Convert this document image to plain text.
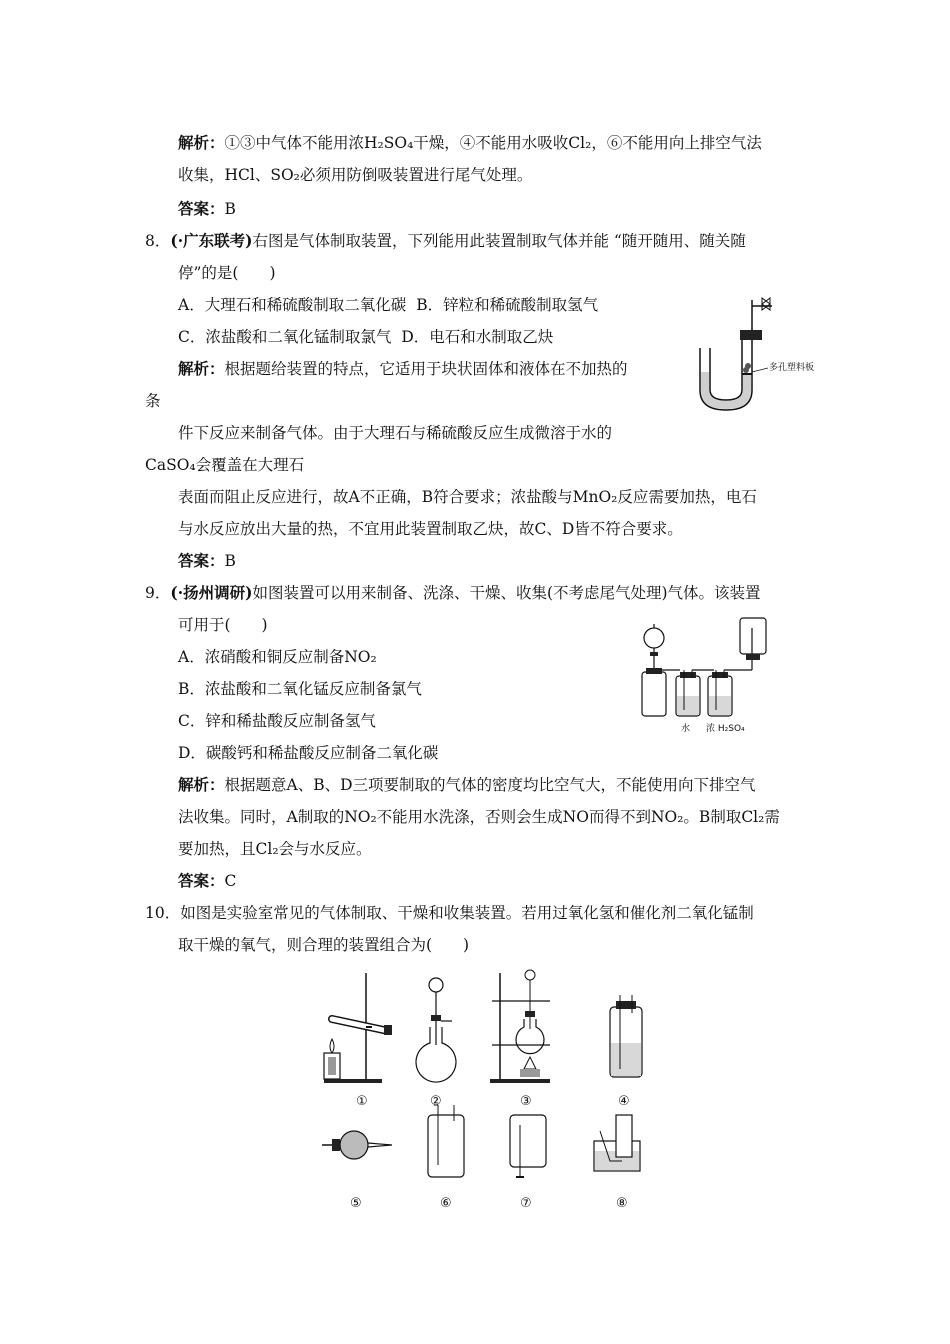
解析：①③中气体不能用浓H₂SO₄干燥，④不能用水吸收Cl₂，⑥不能用向上排空气法
收集，HCl、SO₂必须用防倒吸装置进行尾气处理。
答案：B
8．(·广东联考)右图是气体制取装置，下列能用此装置制取气体并能 “随开随用、随关随
停”的是(　　)
A．大理石和稀硫酸制取二氧化碳 B．锌粒和稀硫酸制取氢气
C．浓盐酸和二氧化锰制取氯气 D．电石和水制取乙炔
解析：根据题给装置的特点，它适用于块状固体和液体在不加热的
条
件下反应来制备气体。由于大理石与稀硫酸反应生成微溶于水的
CaSO₄会覆盖在大理石
表面而阻止反应进行，故A不正确，B符合要求；浓盐酸与MnO₂反应需要加热，电石
与水反应放出大量的热，不宜用此装置制取乙炔，故C、D皆不符合要求。
答案：B
多孔塑料板
9．(·扬州调研)如图装置可以用来制备、洗涤、干燥、收集(不考虑尾气处理)气体。该装置
可用于(　　)
A．浓硝酸和铜反应制备NO₂
B．浓盐酸和二氧化锰反应制备氯气
C．锌和稀盐酸反应制备氢气
D．碳酸钙和稀盐酸反应制备二氧化碳
解析：根据题意A、B、D三项要制取的气体的密度均比空气大，不能使用向下排空气
法收集。同时，A制取的NO₂不能用水洗涤，否则会生成NO而得不到NO₂。B制取Cl₂需
要加热，且Cl₂会与水反应。
答案：C
水 浓 H₂SO₄
10．如图是实验室常见的气体制取、干燥和收集装置。若用过氧化氢和催化剂二氧化锰制
取干燥的氧气，则合理的装置组合为(　　)
①	②	③	④
⑤	⑥	⑦	⑧
